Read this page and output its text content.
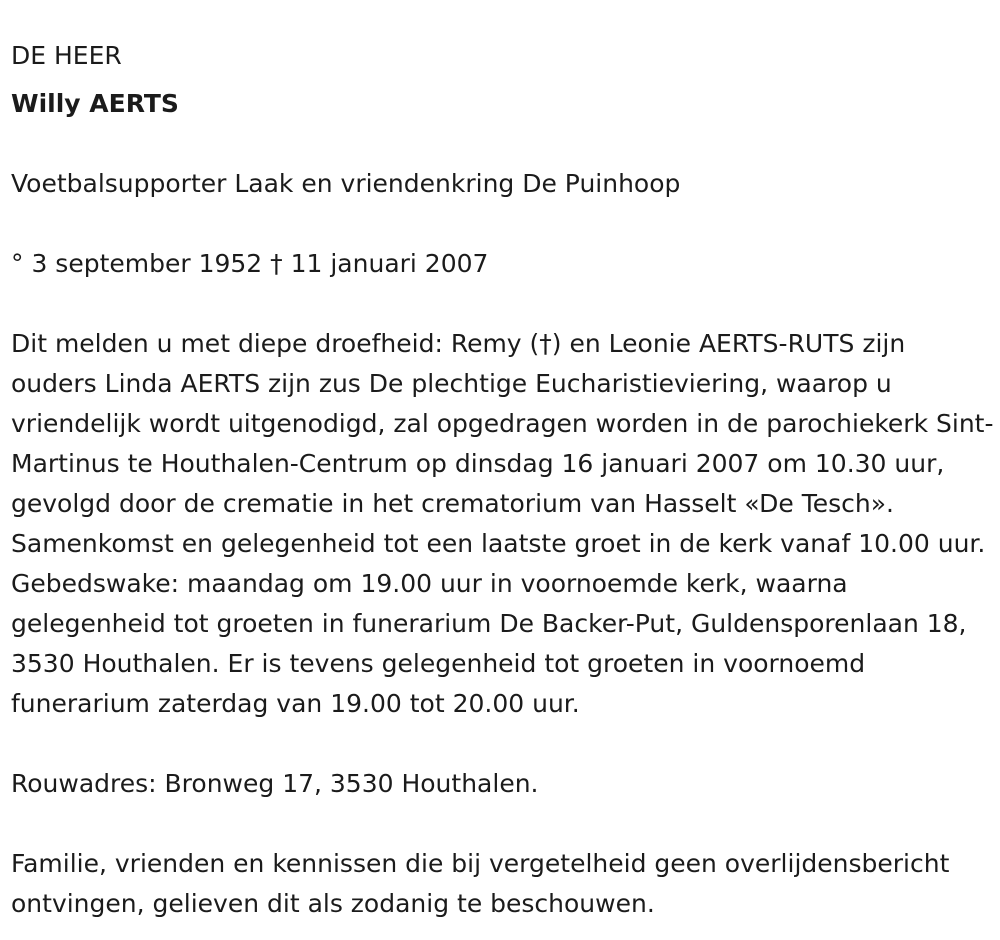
DE HEER
Willy AERTS
Voetbalsupporter Laak en vriendenkring De Puinhoop
° 3 september 1952 † 11 januari 2007
Dit melden u met diepe droefheid: Remy (†) en Leonie AERTS-RUTS zijn ouders Linda AERTS zijn zus De plechtige Eucharistieviering, waarop u vriendelijk wordt uitgenodigd, zal opgedragen worden in de parochiekerk Sint-Martinus te Houthalen-Centrum op dinsdag 16 januari 2007 om 10.30 uur, gevolgd door de crematie in het crematorium van Hasselt «De Tesch». Samenkomst en gelegenheid tot een laatste groet in de kerk vanaf 10.00 uur. Gebedswake: maandag om 19.00 uur in voornoemde kerk, waarna gelegenheid tot groeten in funerarium De Backer-Put, Guldensporenlaan 18, 3530 Houthalen. Er is tevens gelegenheid tot groeten in voornoemd funerarium zaterdag van 19.00 tot 20.00 uur.
Rouwadres: Bronweg 17, 3530 Houthalen.
Familie, vrienden en kennissen die bij vergetelheid geen overlijdensbericht ontvingen, gelieven dit als zodanig te beschouwen.
